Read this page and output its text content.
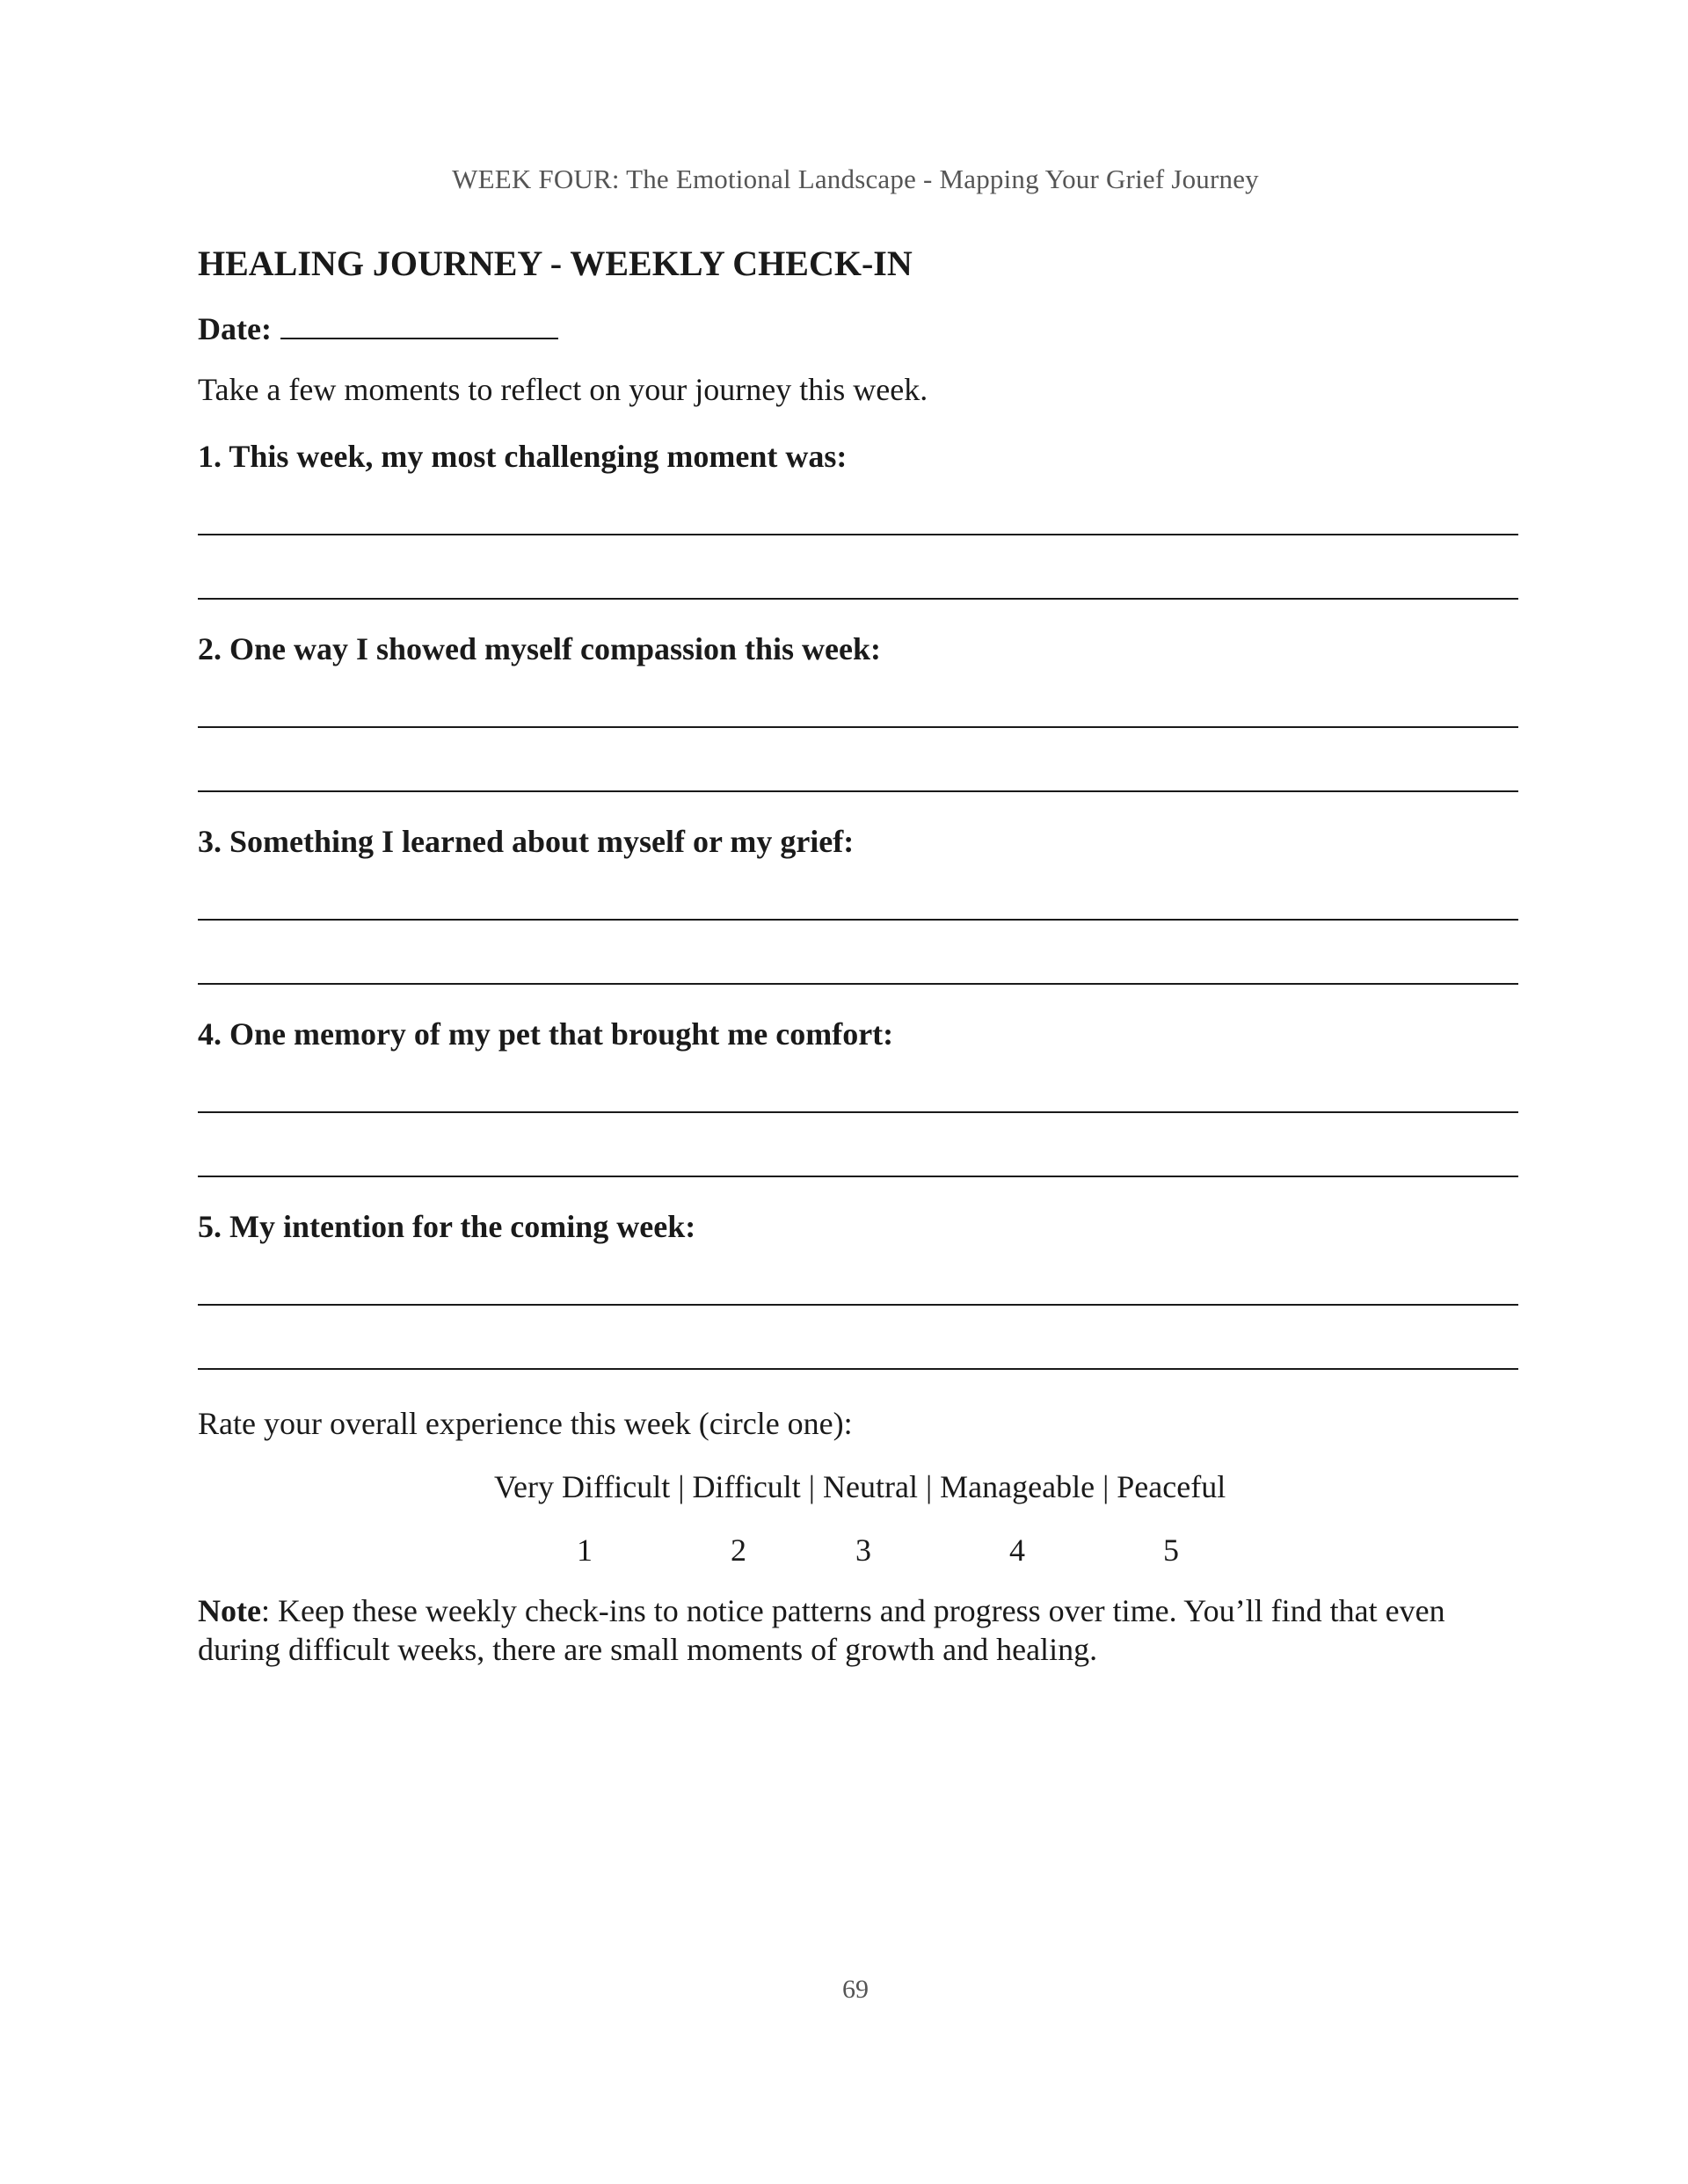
WEEK FOUR: The Emotional Landscape - Mapping Your Grief Journey
HEALING JOURNEY - WEEKLY CHECK-IN
Date:
Take a few moments to reflect on your journey this week.

1. This week, my most challenging moment was:

2. One way I showed myself compassion this week:

3. Something I learned about myself or my grief:

4. One memory of my pet that brought me comfort:

5. My intention for the coming week:

Rate your overall experience this week (circle one):
Very Difficult | Difficult | Neutral | Manageable | Peaceful
1	2	3	4	5
Note: Keep these weekly check-ins to notice patterns and progress over time. You’ll find that even during difficult weeks, there are small moments of growth and healing.
69
